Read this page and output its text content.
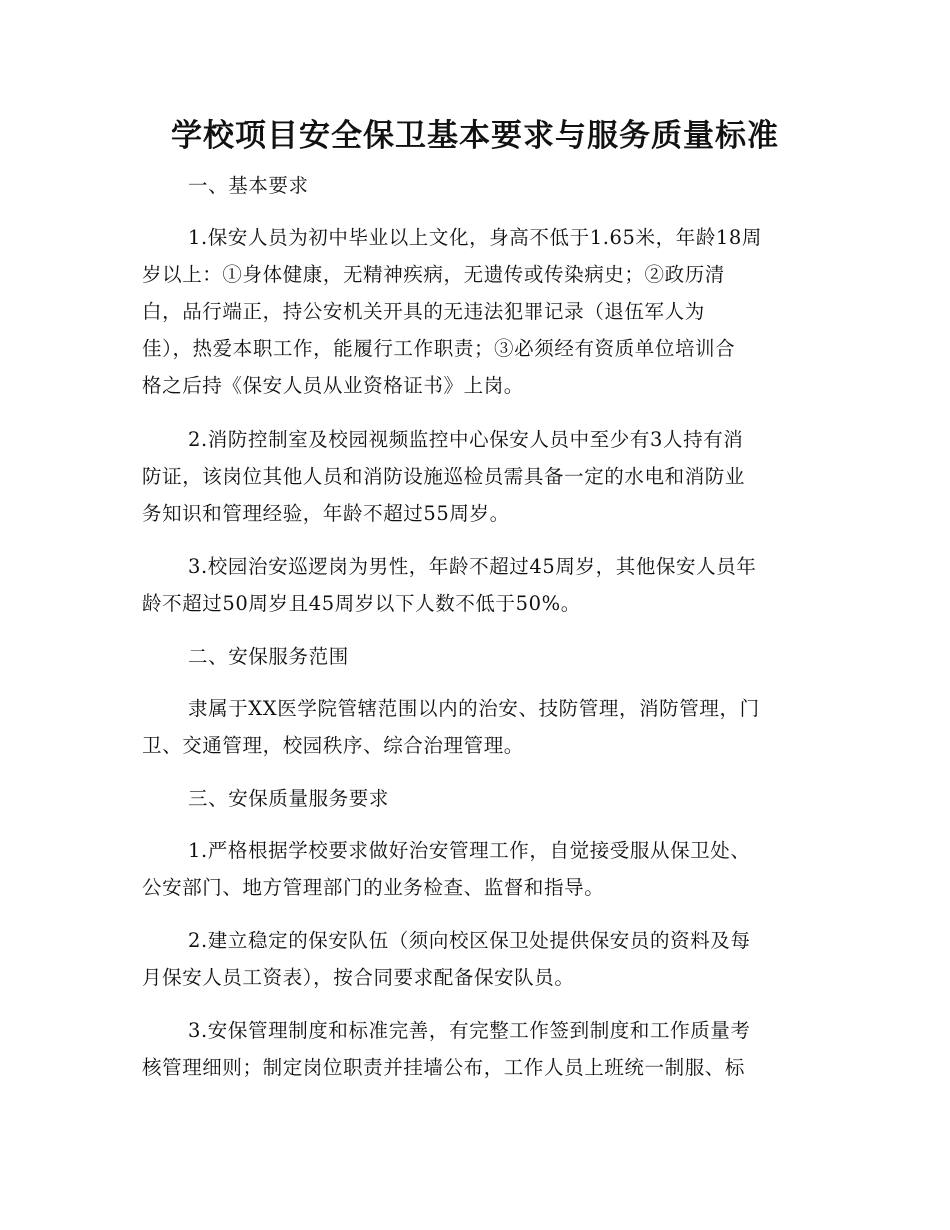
学校项目安全保卫基本要求与服务质量标准
一、基本要求
1.保安人员为初中毕业以上文化，身高不低于1.65米，年龄18周
岁以上：①身体健康，无精神疾病，无遗传或传染病史；②政历清
白，品行端正，持公安机关开具的无违法犯罪记录（退伍军人为
佳），热爱本职工作，能履行工作职责；③必须经有资质单位培训合
格之后持《保安人员从业资格证书》上岗。
2.消防控制室及校园视频监控中心保安人员中至少有3人持有消
防证，该岗位其他人员和消防设施巡检员需具备一定的水电和消防业
务知识和管理经验，年龄不超过55周岁。
3.校园治安巡逻岗为男性，年龄不超过45周岁，其他保安人员年
龄不超过50周岁且45周岁以下人数不低于50%。
二、安保服务范围
隶属于XX医学院管辖范围以内的治安、技防管理，消防管理，门
卫、交通管理，校园秩序、综合治理管理。
三、安保质量服务要求
1.严格根据学校要求做好治安管理工作，自觉接受服从保卫处、
公安部门、地方管理部门的业务检查、监督和指导。
2.建立稳定的保安队伍（须向校区保卫处提供保安员的资料及每
月保安人员工资表），按合同要求配备保安队员。
3.安保管理制度和标准完善，有完整工作签到制度和工作质量考
核管理细则；制定岗位职责并挂墙公布，工作人员上班统一制服、标
